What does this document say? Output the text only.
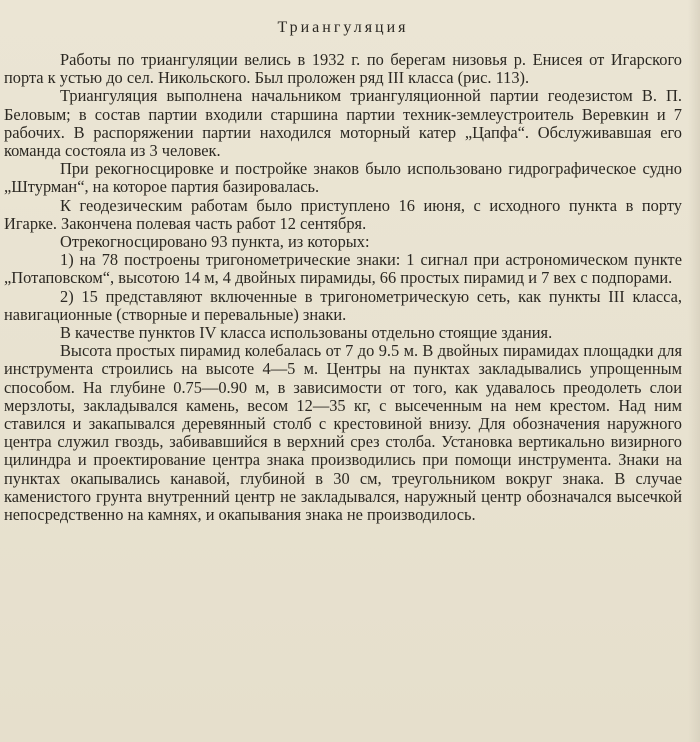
Триангуляция

Работы по триангуляции велись в 1932 г. по берегам низовья р. Енисея от Игарского порта к устью до сел. Никольского. Был проложен ряд III класса (рис. 113).

Триангуляция выполнена начальником триангуляционной партии геодезистом В. П. Беловым; в состав партии входили старшина партии техник-землеустроитель Веревкин и 7 рабочих. В распоряжении партии находился моторный катер „Цапфа“. Обслуживавшая его команда состояла из 3 человек.

При рекогносцировке и постройке знаков было использовано гидрографическое судно „Штурман“, на которое партия базировалась.

К геодезическим работам было приступлено 16 июня, с исходного пункта в порту Игарке. Закончена полевая часть работ 12 сентября.

Отрекогносцировано 93 пункта, из которых:

1) на 78 построены тригонометрические знаки: 1 сигнал при астрономическом пункте „Потаповском“, высотою 14 м, 4 двойных пирамиды, 66 простых пирамид и 7 вех с подпорами.

2) 15 представляют включенные в тригонометрическую сеть, как пункты III класса, навигационные (створные и перевальные) знаки.

В качестве пунктов IV класса использованы отдельно стоящие здания.

Высота простых пирамид колебалась от 7 до 9.5 м. В двойных пирамидах площадки для инструмента строились на высоте 4—5 м. Центры на пунктах закладывались упрощенным способом. На глубине 0.75—0.90 м, в зависимости от того, как удавалось преодолеть слои мерзлоты, закладывался камень, весом 12—35 кг, с высеченным на нем крестом. Над ним ставился и закапывался деревянный столб с крестовиной внизу. Для обозначения наружного центра служил гвоздь, забивавшийся в верхний срез столба. Установка вертикально визирного цилиндра и проектирование центра знака производились при помощи инструмента. Знаки на пунктах окапывались канавой, глубиной в 30 см, треугольником вокруг знака. В случае каменистого грунта внутренний центр не закладывался, наружный центр обозначался высечкой непосредственно на камнях, и окапывания знака не производилось.
